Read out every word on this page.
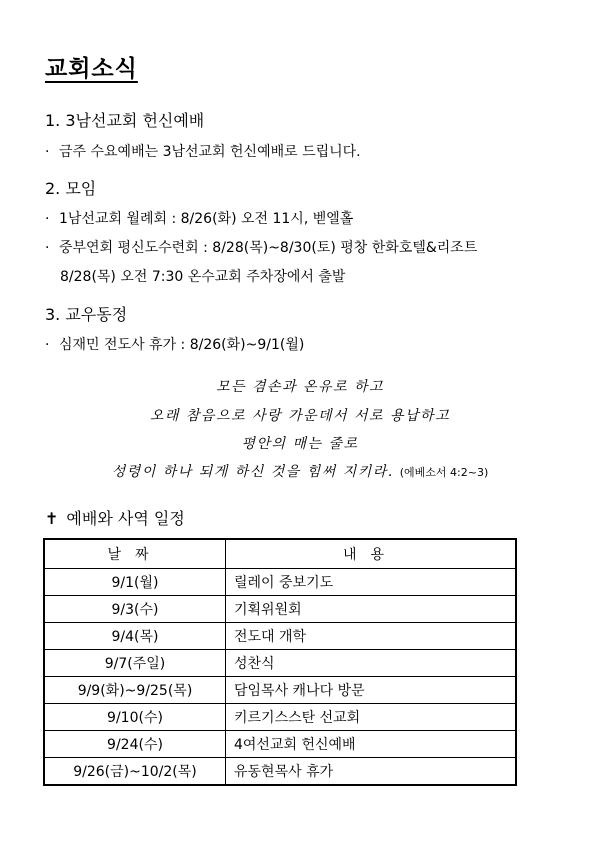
교회소식
1. 3남선교회 헌신예배
· 금주 수요예배는 3남선교회 헌신예배로 드립니다.
2. 모임
· 1남선교회 월례회 : 8/26(화) 오전 11시, 벧엘홀
· 중부연회 평신도수련회 : 8/28(목)~8/30(토) 평창 한화호텔&리조트
8/28(목) 오전 7:30 온수교회 주차장에서 출발
3. 교우동정
· 심재민 전도사 휴가 : 8/26(화)~9/1(월)
모든 겸손과 온유로 하고
오래 참음으로 사랑 가운데서 서로 용납하고
평안의 매는 줄로
성령이 하나 되게 하신 것을 힘써 지키라. (에베소서 4:2~3)
✝ 예배와 사역 일정
날짜	내용
9/1(월)	릴레이 중보기도
9/3(수)	기획위원회
9/4(목)	전도대 개학
9/7(주일)	성찬식
9/9(화)~9/25(목)	담임목사 캐나다 방문
9/10(수)	키르기스스탄 선교회
9/24(수)	4여선교회 헌신예배
9/26(금)~10/2(목)	유동현목사 휴가
